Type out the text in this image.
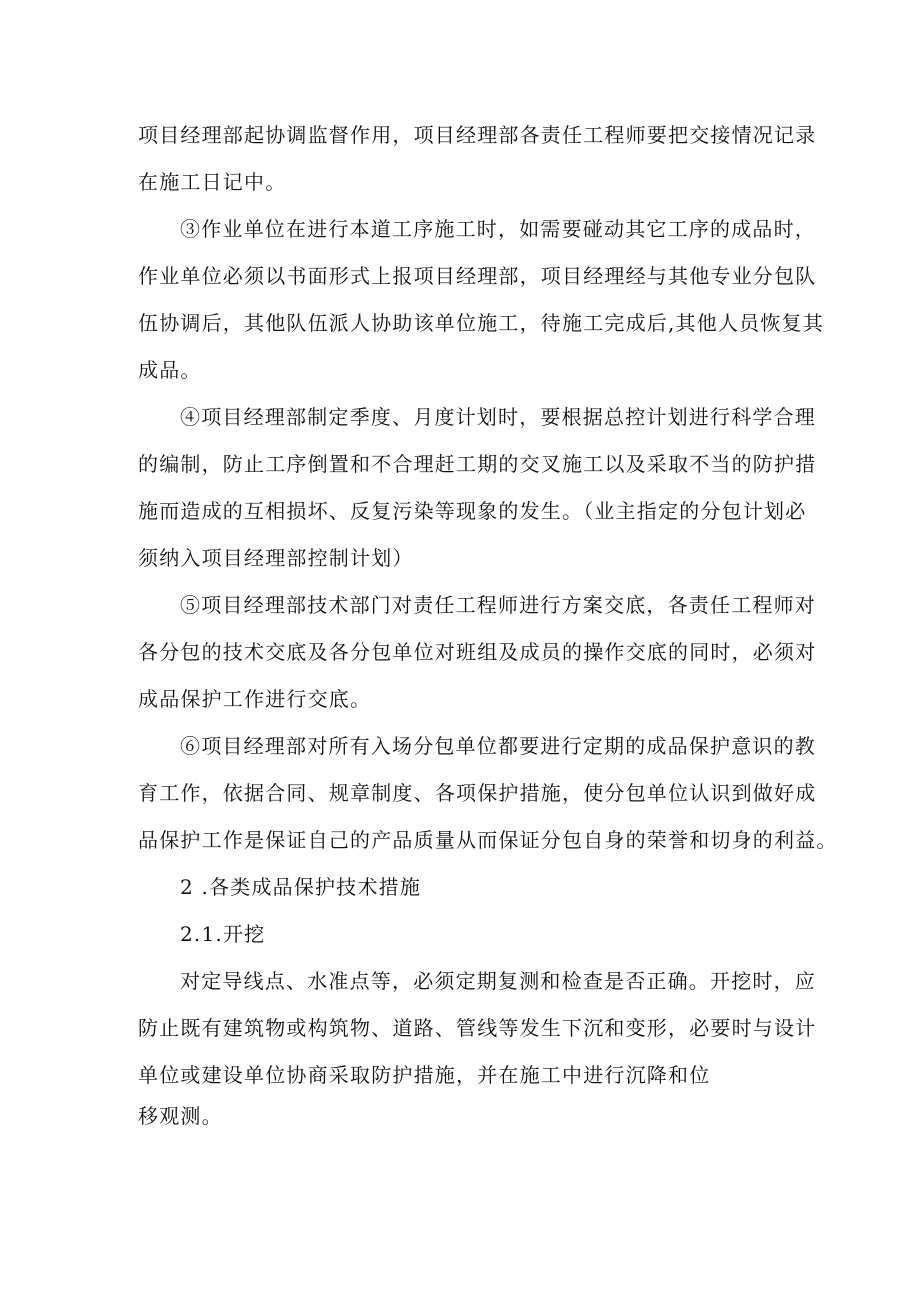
项目经理部起协调监督作用，项目经理部各责任工程师要把交接情况记录
在施工日记中。

③作业单位在进行本道工序施工时，如需要碰动其它工序的成品时，
作业单位必须以书面形式上报项目经理部，项目经理经与其他专业分包队
伍协调后，其他队伍派人协助该单位施工，待施工完成后,其他人员恢复其
成品。

④项目经理部制定季度、月度计划时，要根据总控计划进行科学合理
的编制，防止工序倒置和不合理赶工期的交叉施工以及采取不当的防护措
施而造成的互相损坏、反复污染等现象的发生。（业主指定的分包计划必
须纳入项目经理部控制计划）

⑤项目经理部技术部门对责任工程师进行方案交底，各责任工程师对
各分包的技术交底及各分包单位对班组及成员的操作交底的同时，必须对
成品保护工作进行交底。

⑥项目经理部对所有入场分包单位都要进行定期的成品保护意识的教
育工作，依据合同、规章制度、各项保护措施，使分包单位认识到做好成
品保护工作是保证自己的产品质量从而保证分包自身的荣誉和切身的利益。

2 .各类成品保护技术措施

2.1.开挖

对定导线点、水准点等，必须定期复测和检查是否正确。开挖时，应
防止既有建筑物或构筑物、道路、管线等发生下沉和变形，必要时与设计
单位或建设单位协商采取防护措施，并在施工中进行沉降和位
移观测。
